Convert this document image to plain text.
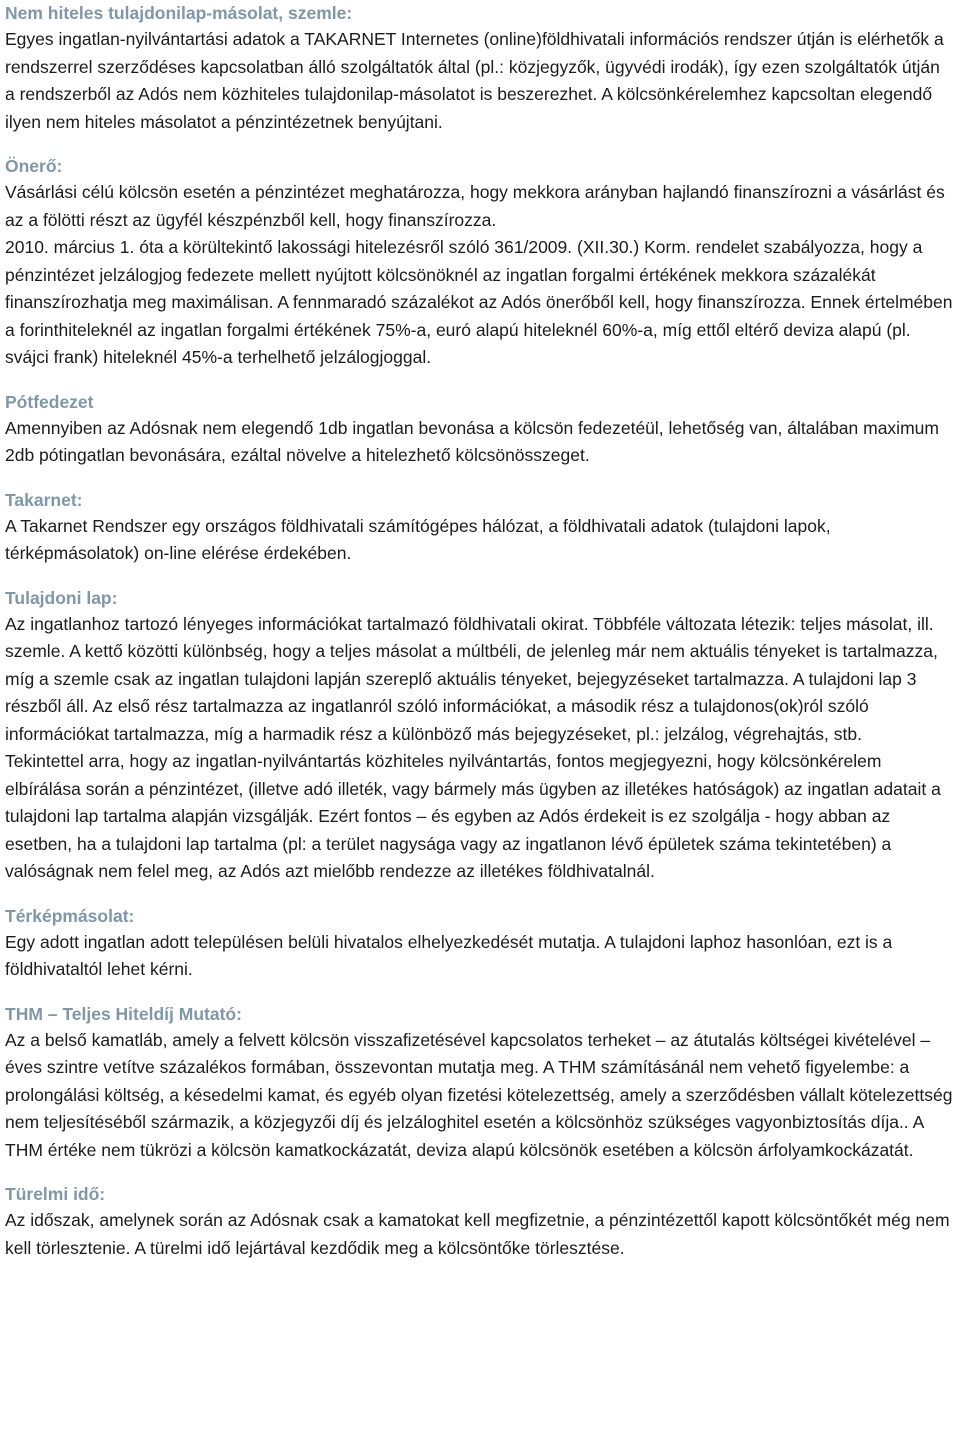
Nem hiteles tulajdonilap-másolat, szemle:

Egyes ingatlan-nyilvántartási adatok a TAKARNET Internetes (online)földhivatali információs rendszer útján is elérhetők a rendszerrel szerződéses kapcsolatban álló szolgáltatók által (pl.: közjegyzők, ügyvédi irodák), így ezen szolgáltatók útján a rendszerből az Adós nem közhiteles tulajdonilap-másolatot is beszerezhet. A kölcsönkérelemhez kapcsoltan elegendő ilyen nem hiteles másolatot a pénzintézetnek benyújtani.

Önerő:

Vásárlási célú kölcsön esetén a pénzintézet meghatározza, hogy mekkora arányban hajlandó finanszírozni a vásárlást és az a fölötti részt az ügyfél készpénzből kell, hogy finanszírozza.

2010. március 1. óta a körültekintő lakossági hitelezésről szóló 361/2009. (XII.30.) Korm. rendelet szabályozza, hogy a pénzintézet jelzálogjog fedezete mellett nyújtott kölcsönöknél az ingatlan forgalmi értékének mekkora százalékát finanszírozhatja meg maximálisan. A fennmaradó százalékot az Adós önerőből kell, hogy finanszírozza. Ennek értelmében a forinthiteleknél az ingatlan forgalmi értékének 75%-a, euró alapú hiteleknél 60%-a, míg ettől eltérő deviza alapú (pl. svájci frank) hiteleknél 45%-a terhelhető jelzálogjoggal.

Pótfedezet

Amennyiben az Adósnak nem elegendő 1db ingatlan bevonása a kölcsön fedezetéül, lehetőség van, általában maximum 2db pótingatlan bevonására, ezáltal növelve a hitelezhető kölcsönösszeget.

Takarnet:

A Takarnet Rendszer egy országos földhivatali számítógépes hálózat, a földhivatali adatok (tulajdoni lapok, térképmásolatok) on-line elérése érdekében.

Tulajdoni lap:

Az ingatlanhoz tartozó lényeges információkat tartalmazó földhivatali okirat. Többféle változata létezik: teljes másolat, ill. szemle. A kettő közötti különbség, hogy a teljes másolat a múltbéli, de jelenleg már nem aktuális tényeket is tartalmazza, míg a szemle csak az ingatlan tulajdoni lapján szereplő aktuális tényeket, bejegyzéseket tartalmazza. A tulajdoni lap 3 részből áll. Az első rész tartalmazza az ingatlanról szóló információkat, a második rész a tulajdonos(ok)ról szóló információkat tartalmazza, míg a harmadik rész a különböző más bejegyzéseket, pl.: jelzálog, végrehajtás, stb.

Tekintettel arra, hogy az ingatlan-nyilvántartás közhiteles nyilvántartás, fontos megjegyezni, hogy kölcsönkérelem elbírálása során a pénzintézet, (illetve adó illeték, vagy bármely más ügyben az illetékes hatóságok) az ingatlan adatait a tulajdoni lap tartalma alapján vizsgálják. Ezért fontos – és egyben az Adós érdekeit is ez szolgálja - hogy abban az esetben, ha a tulajdoni lap tartalma (pl: a terület nagysága vagy az ingatlanon lévő épületek száma tekintetében) a valóságnak nem felel meg, az Adós azt mielőbb rendezze az illetékes földhivatalnál.

Térképmásolat:

Egy adott ingatlan adott településen belüli hivatalos elhelyezkedését mutatja. A tulajdoni laphoz hasonlóan, ezt is a földhivataltól lehet kérni.

THM – Teljes Hiteldíj Mutató:

Az a belső kamatláb, amely a felvett kölcsön visszafizetésével kapcsolatos terheket – az átutalás költségei kivételével – éves szintre vetítve százalékos formában, összevontan mutatja meg. A THM számításánál nem vehető figyelembe: a prolongálási költség, a késedelmi kamat, és egyéb olyan fizetési kötelezettség, amely a szerződésben vállalt kötelezettség nem teljesítéséből származik, a közjegyzői díj és jelzáloghitel esetén a kölcsönhöz szükséges vagyonbiztosítás díja.. A THM értéke nem tükrözi a kölcsön kamatkockázatát, deviza alapú kölcsönök esetében a kölcsön árfolyamkockázatát.

Türelmi idő:

Az időszak, amelynek során az Adósnak csak a kamatokat kell megfizetnie, a pénzintézettől kapott kölcsöntőkét még nem kell törlesztenie. A türelmi idő lejártával kezdődik meg a kölcsöntőke törlesztése.
